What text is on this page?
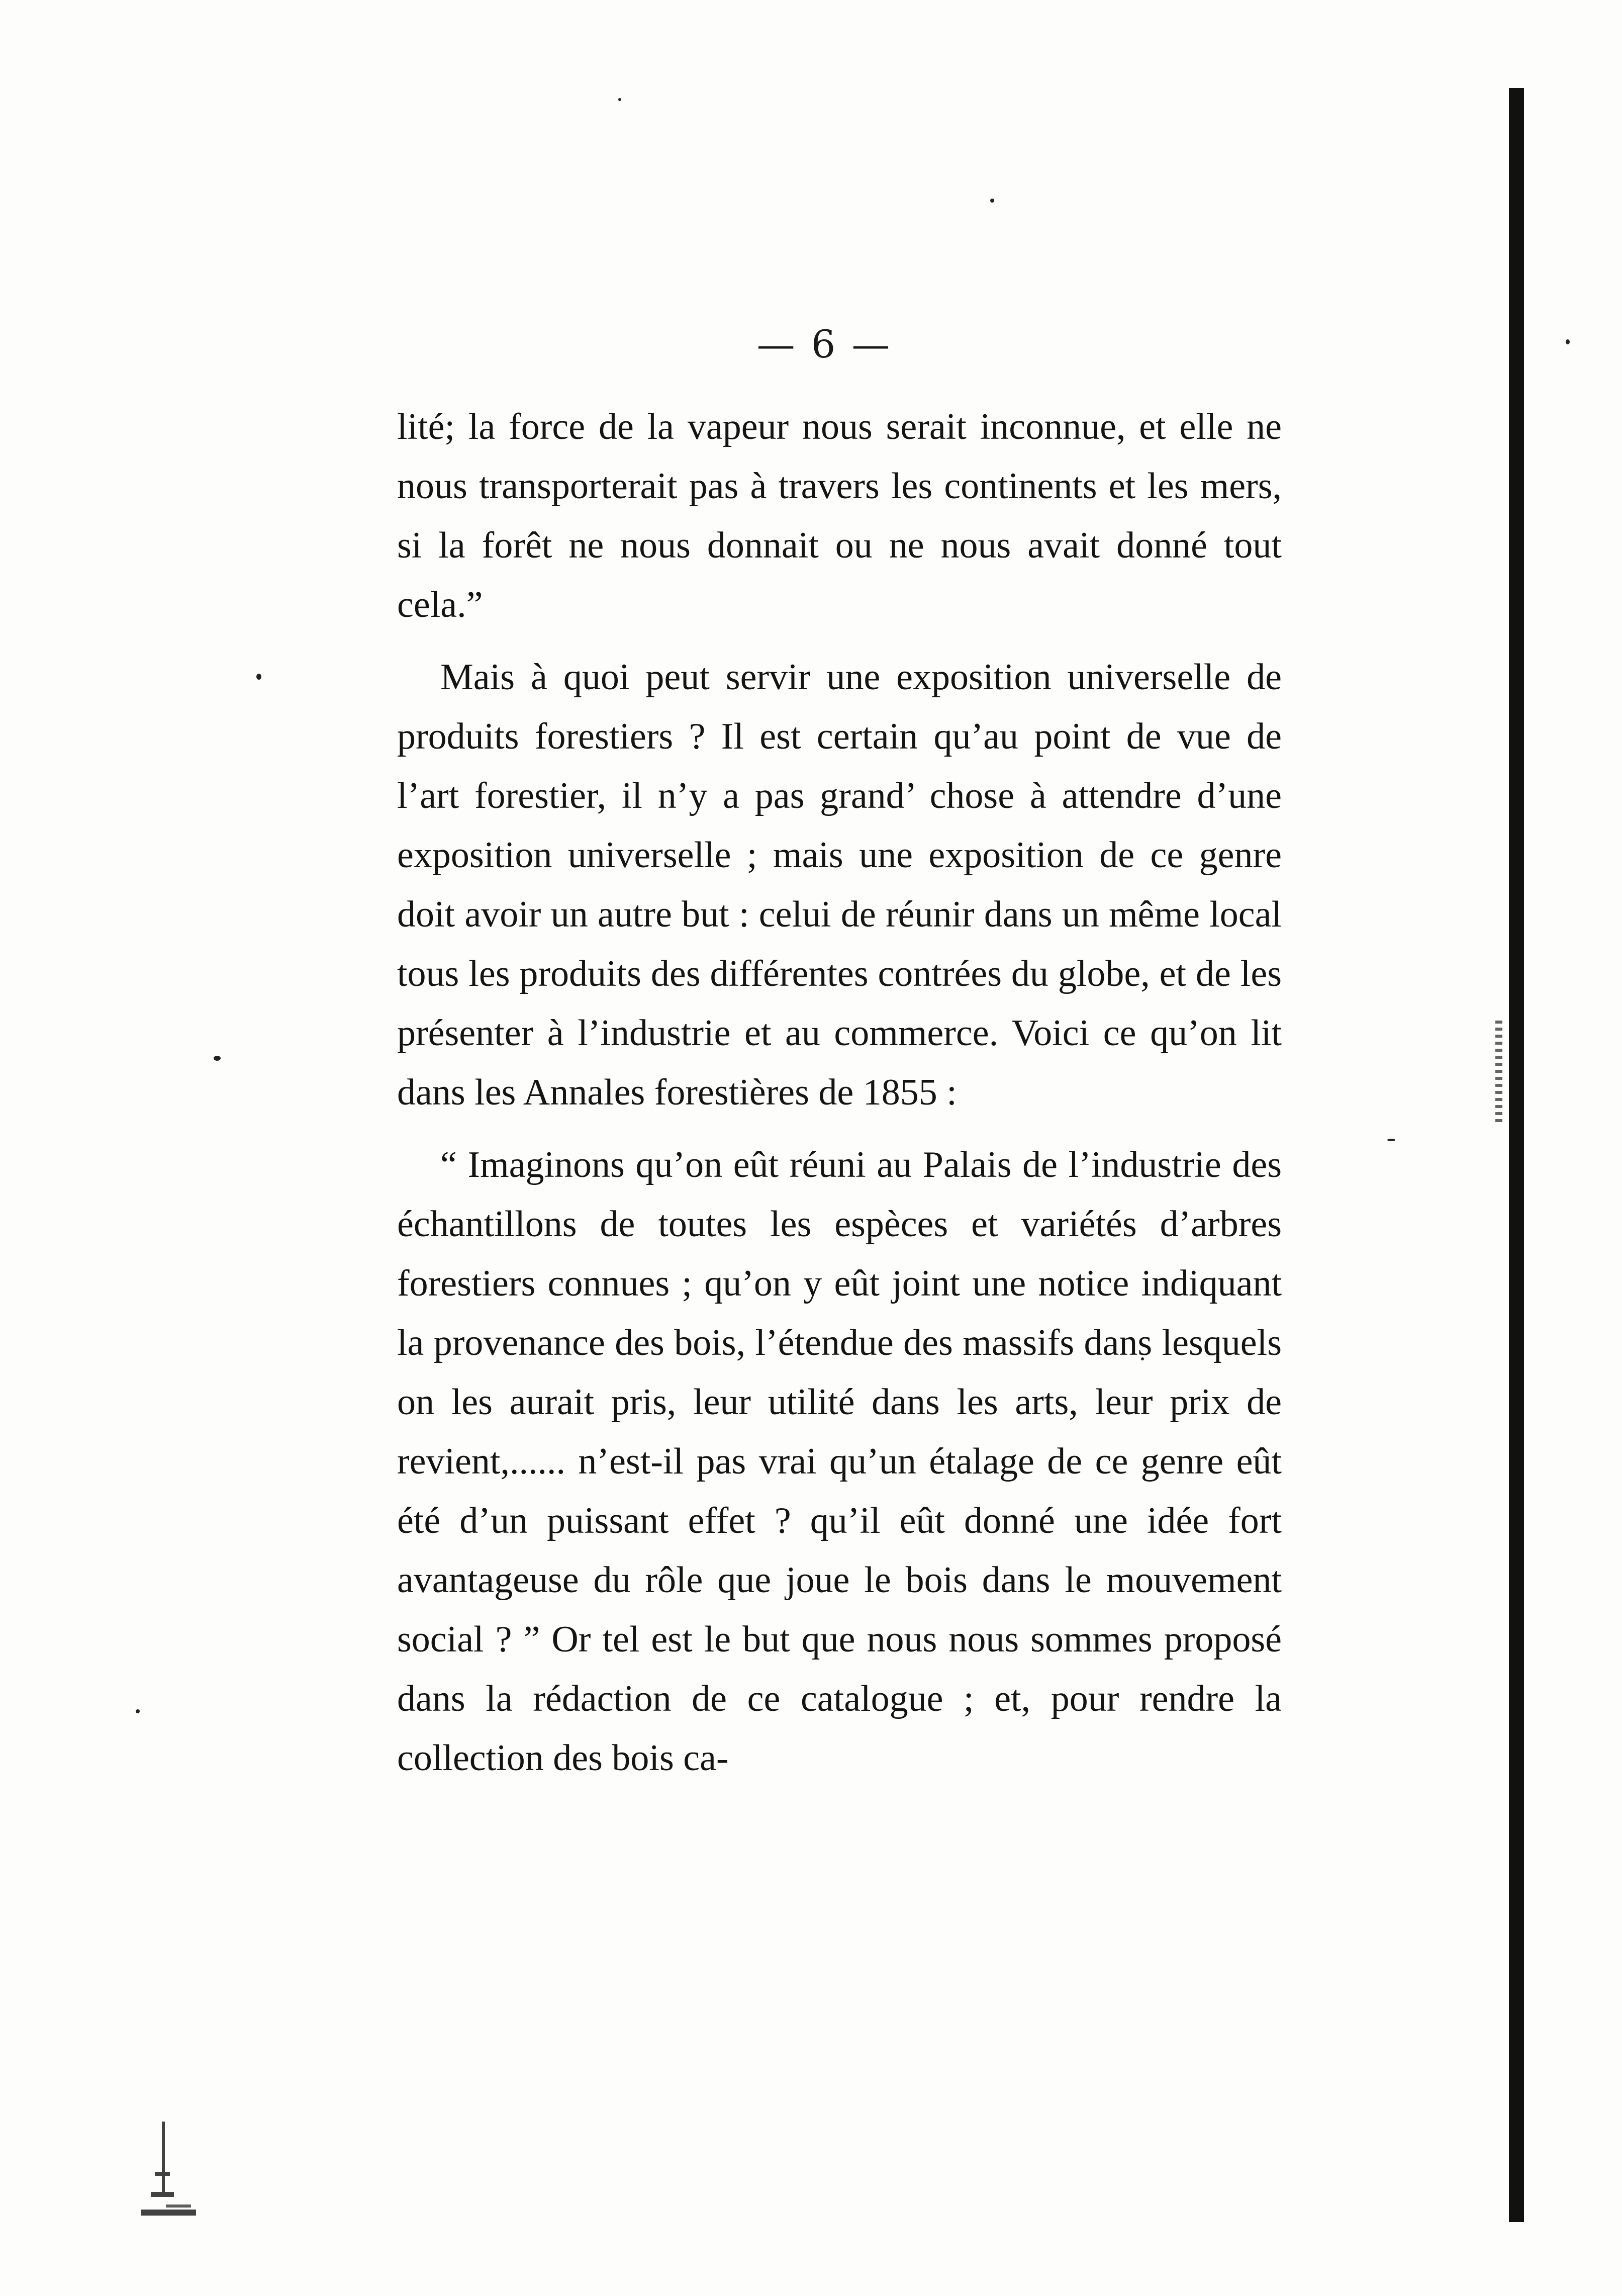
— 6 —

lité; la force de la vapeur nous serait inconnue, et elle ne nous transporterait pas à travers les continents et les mers, si la forêt ne nous donnait ou ne nous avait donné tout cela.”

Mais à quoi peut servir une exposition universelle de produits forestiers ? Il est certain qu’au point de vue de l’art forestier, il n’y a pas grand’ chose à attendre d’une exposition universelle ; mais une exposition de ce genre doit avoir un autre but : celui de réunir dans un même local tous les produits des différentes contrées du globe, et de les présenter à l’industrie et au commerce. Voici ce qu’on lit dans les Annales forestières de 1855 :

“ Imaginons qu’on eût réuni au Palais de l’industrie des échantillons de toutes les espèces et variétés d’arbres forestiers connues ; qu’on y eût joint une notice indiquant la provenance des bois, l’étendue des massifs dans lesquels on les aurait pris, leur utilité dans les arts, leur prix de revient,...... n’est-il pas vrai qu’un étalage de ce genre eût été d’un puissant effet ? qu’il eût donné une idée fort avantageuse du rôle que joue le bois dans le mouvement social ? ” Or tel est le but que nous nous sommes proposé dans la rédaction de ce catalogue ; et, pour rendre la collection des bois ca-
